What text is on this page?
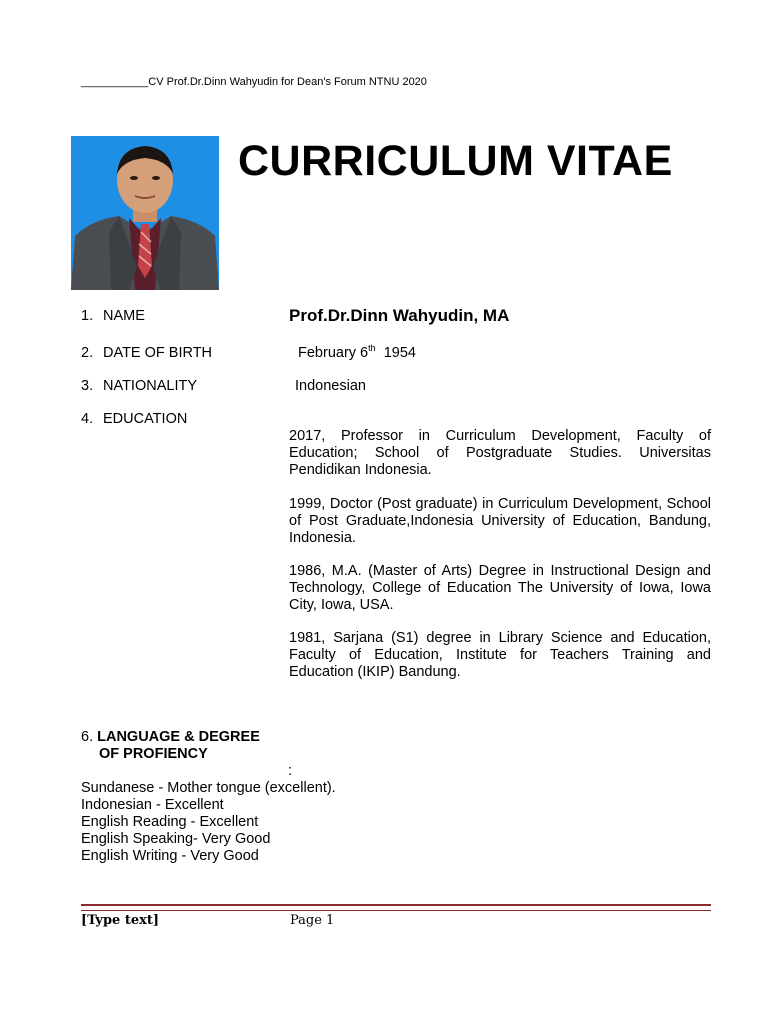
___________CV Prof.Dr.Dinn Wahyudin for Dean's Forum NTNU 2020
CURRICULUM VITAE
1. NAME	Prof.Dr.Dinn Wahyudin, MA
2. DATE OF BIRTH	February 6th  1954
3. NATIONALITY	Indonesian
4. EDUCATION
2017, Professor in Curriculum Development, Faculty of Education; School of Postgraduate Studies. Universitas Pendidikan Indonesia.
1999, Doctor (Post graduate) in Curriculum Development, School of Post Graduate,Indonesia University of Education, Bandung, Indonesia.
1986, M.A. (Master of Arts) Degree in Instructional Design and Technology, College of Education The University of Iowa, Iowa City, Iowa, USA.
1981, Sarjana (S1) degree in Library Science and Education, Faculty of Education, Institute for Teachers Training and Education (IKIP) Bandung.
6. LANGUAGE & DEGREE
OF PROFIENCY
:
Sundanese - Mother tongue (excellent).
Indonesian - Excellent
English Reading - Excellent
English Speaking- Very Good
English Writing - Very Good
[Type text]	Page 1
